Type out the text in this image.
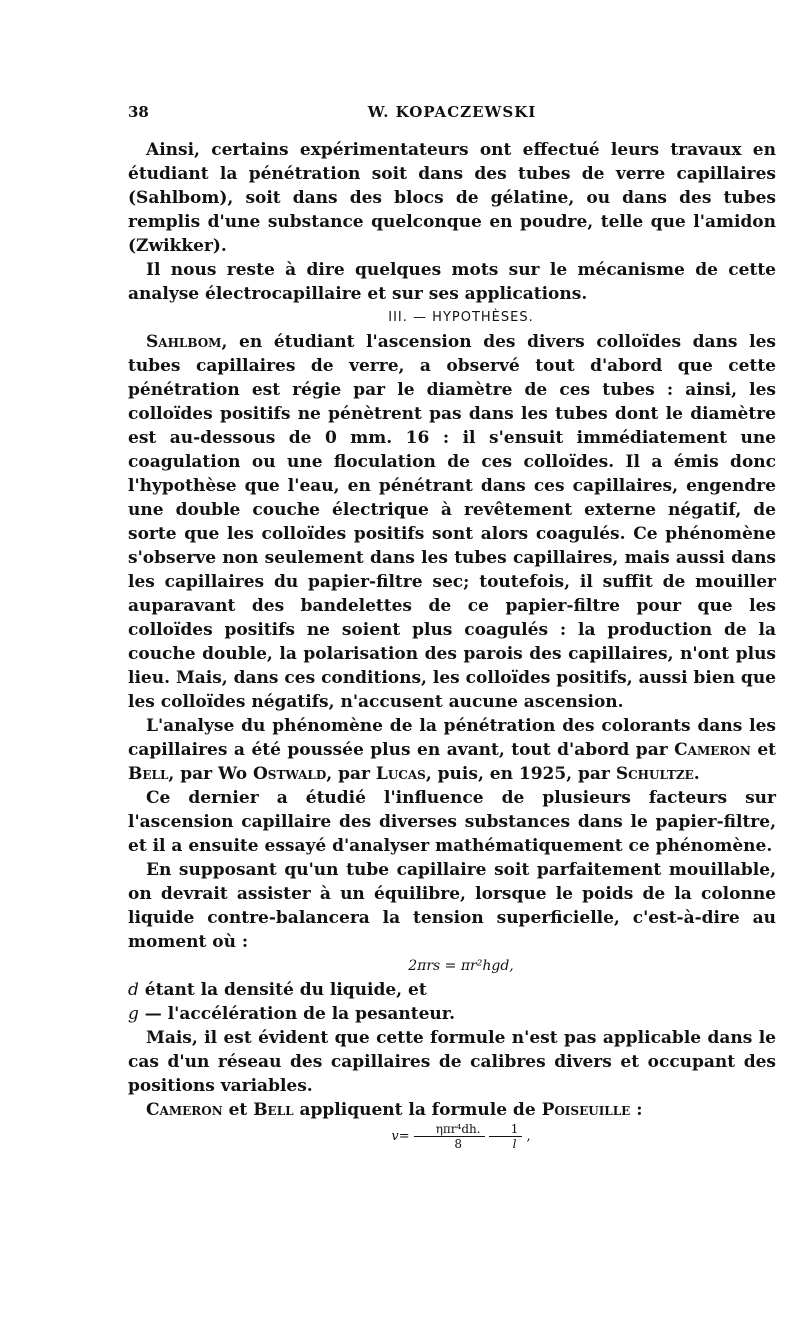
38	W. KOPACZEWSKI

Ainsi, certains expérimentateurs ont effectué leurs travaux en étudiant la pénétration soit dans des tubes de verre capillaires (Sahlbom), soit dans des blocs de gélatine, ou dans des tubes remplis d'une substance quelconque en poudre, telle que l'amidon (Zwikker).

Il nous reste à dire quelques mots sur le mécanisme de cette analyse électrocapillaire et sur ses applications.

III. — HYPOTHÈSES.

Sahlbom, en étudiant l'ascension des divers colloïdes dans les tubes capillaires de verre, a observé tout d'abord que cette pénétration est régie par le diamètre de ces tubes : ainsi, les colloïdes positifs ne pénètrent pas dans les tubes dont le diamètre est au-dessous de 0 mm. 16 : il s'ensuit immédiatement une coagulation ou une floculation de ces colloïdes. Il a émis donc l'hypothèse que l'eau, en pénétrant dans ces capillaires, engendre une double couche électrique à revêtement externe négatif, de sorte que les colloïdes positifs sont alors coagulés. Ce phénomène s'observe non seulement dans les tubes capillaires, mais aussi dans les capillaires du papier-filtre sec; toutefois, il suffit de mouiller auparavant des bandelettes de ce papier-filtre pour que les colloïdes positifs ne soient plus coagulés : la production de la couche double, la polarisation des parois des capillaires, n'ont plus lieu. Mais, dans ces conditions, les colloïdes positifs, aussi bien que les colloïdes négatifs, n'accusent aucune ascension.

L'analyse du phénomène de la pénétration des colorants dans les capillaires a été poussée plus en avant, tout d'abord par Cameron et Bell, par Wo Ostwald, par Lucas, puis, en 1925, par Schultze.

Ce dernier a étudié l'influence de plusieurs facteurs sur l'ascension capillaire des diverses substances dans le papier-filtre, et il a ensuite essayé d'analyser mathématiquement ce phénomène.

En supposant qu'un tube capillaire soit parfaitement mouillable, on devrait assister à un équilibre, lorsque le poids de la colonne liquide contre-balancera la tension superficielle, c'est-à-dire au moment où :

2πrs = πr²hgd,

d étant la densité du liquide, et

g — l'accélération de la pesanteur.

Mais, il est évident que cette formule n'est pas applicable dans le cas d'un réseau des capillaires de calibres divers et occupant des positions variables.

Cameron et Bell appliquent la formule de Poiseuille :

$v= \frac{\text{ηπr⁴dh.}}{8}$
$\frac{1}{l}$ ,
